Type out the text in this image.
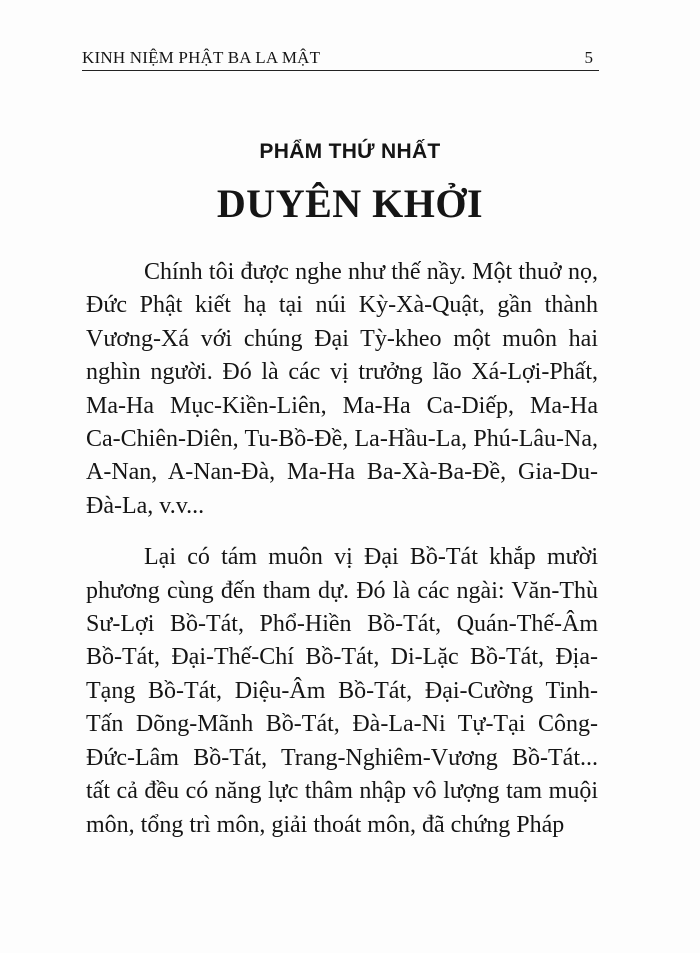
KINH NIỆM PHẬT BA LA MẬT	5
PHẨM THỨ NHẤT
DUYÊN KHỞI

Chính tôi được nghe như thế nầy. Một thuở nọ, Đức Phật kiết hạ tại núi Kỳ-Xà-Quật, gần thành Vương-Xá với chúng Đại Tỳ-kheo một muôn hai nghìn người. Đó là các vị trưởng lão Xá-Lợi-Phất, Ma-Ha Mục-Kiền-Liên, Ma-Ha Ca-Diếp, Ma-Ha Ca-Chiên-Diên, Tu-Bồ-Đề, La-Hầu-La, Phú-Lâu-Na, A-Nan, A-Nan-Đà, Ma-Ha Ba-Xà-Ba-Đề, Gia-Du-Đà-La, v.v...

Lại có tám muôn vị Đại Bồ-Tát khắp mười phương cùng đến tham dự. Đó là các ngài: Văn-Thù Sư-Lợi Bồ-Tát, Phổ-Hiền Bồ-Tát, Quán-Thế-Âm Bồ-Tát, Đại-Thế-Chí Bồ-Tát, Di-Lặc Bồ-Tát, Địa-Tạng Bồ-Tát, Diệu-Âm Bồ-Tát, Đại-Cường Tinh-Tấn Dõng-Mãnh Bồ-Tát, Đà-La-Ni Tự-Tại Công-Đức-Lâm Bồ-Tát, Trang-Nghiêm-Vương Bồ-Tát... tất cả đều có năng lực thâm nhập vô lượng tam muội môn, tổng trì môn, giải thoát môn, đã chứng Pháp
